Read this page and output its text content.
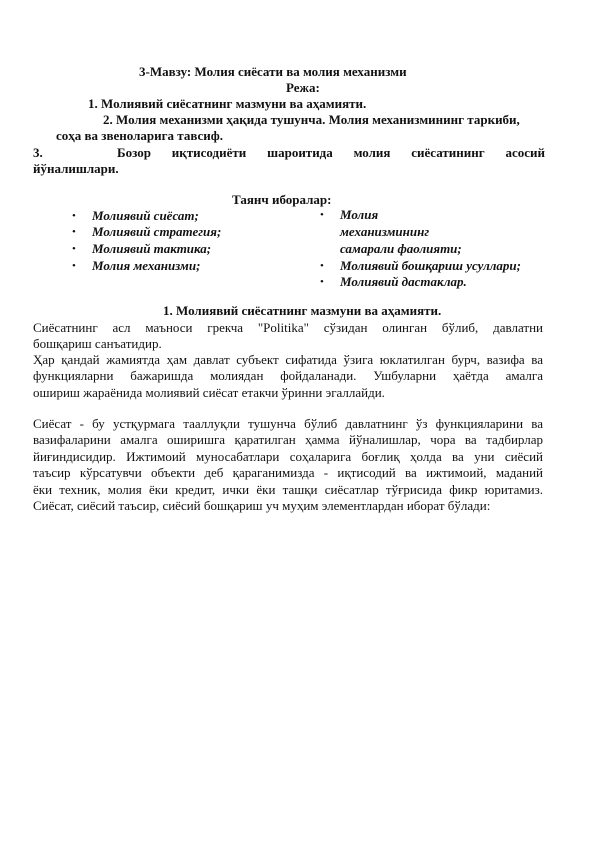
3-Мавзу: Молия сиёсати ва молия механизми
Режа:
1. Молиявий сиёсатнинг мазмуни ва аҳамияти.
2. Молия механизми ҳақида тушунча. Молия механизмининг таркиби,
соҳа ва звеноларига тавсиф.
3.	Бозор иқтисодиёти шароитида молия сиёсатининг асосий
йўналишлари.
Таянч иборалар:
• Молиявий сиёсат;
• Молиявий стратегия;
• Молиявий тактика;
• Молия механизми;
• Молия
механизмининг
самарали фаолияти;
• Молиявий бошқариш усуллари;
• Молиявий дастаклар.
1. Молиявий сиёсатнинг мазмуни ва аҳамияти.
Сиёсатнинг асл маъноси грекча "Politika" сўзидан олинган бўлиб, давлатни
бошқариш санъатидир.
Ҳар қандай жамиятда ҳам давлат субъект сифатида ўзига юклатилган бурч, вазифа ва
функцияларни бажаришда молиядан фойдаланади. Ушбуларни ҳаётда амалга
ошириш жараёнида молиявий сиёсат етакчи ўринни эгаллайди.
Сиёсат - бу устқурмага тааллуқли тушунча бўлиб давлатнинг ўз функцияларини ва
вазифаларини амалга оширишга қаратилган ҳамма йўналишлар, чора ва тадбирлар
йиғиндисидир. Ижтимоий муносабатлари соҳаларига боғлиқ ҳолда ва уни сиёсий
таъсир кўрсатувчи объекти деб қараганимизда - иқтисодий ва ижтимоий, маданий
ёки техник, молия ёки кредит, ички ёки ташқи сиёсатлар тўғрисида фикр юритамиз.
Сиёсат, сиёсий таъсир, сиёсий бошқариш уч муҳим элементлардан иборат бўлади:
